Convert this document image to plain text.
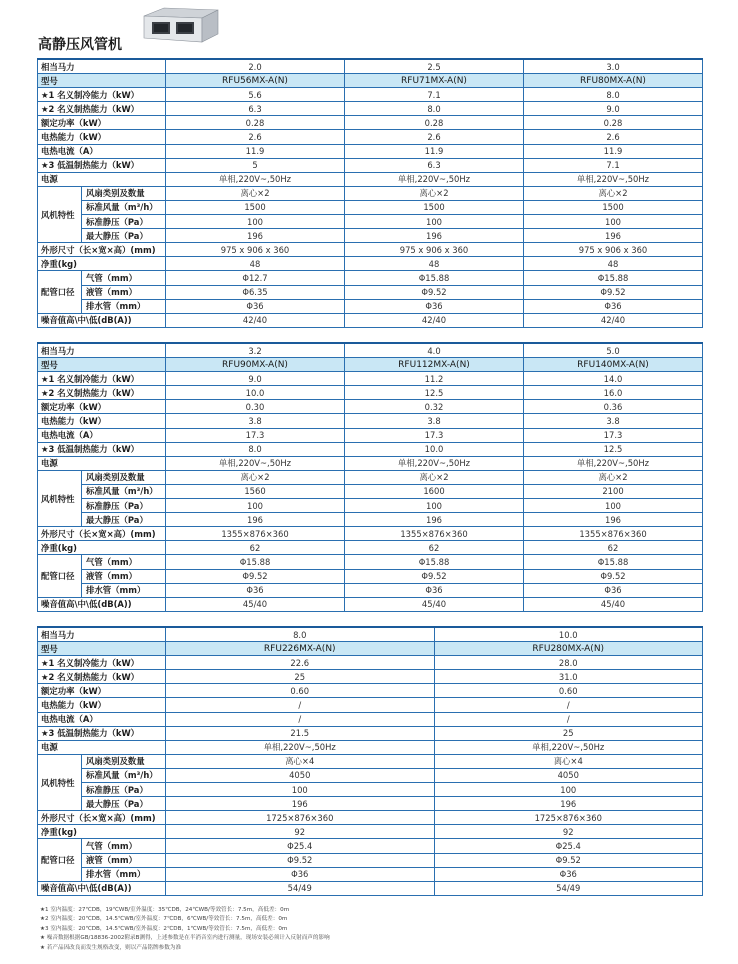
高静压风管机
相当马力		2.0	2.5	3.0
型号		RFU56MX-A(N)	RFU71MX-A(N)	RFU80MX-A(N)
★1 名义制冷能力（kW）		5.6	7.1	8.0
★2 名义制热能力（kW）		6.3	8.0	9.0
额定功率（kW）		0.28	0.28	0.28
电热能力（kW）		2.6	2.6	2.6
电热电流（A）		11.9	11.9	11.9
★3 低温制热能力（kW）		5	6.3	7.1
电源		单相,220V~,50Hz	单相,220V~,50Hz	单相,220V~,50Hz
风机特性	风扇类别及数量	离心×2	离心×2	离心×2
	标准风量（m³/h）	1500	1500	1500
	标准静压（Pa）	100	100	100
	最大静压（Pa）	196	196	196
外形尺寸（长×宽×高）(mm)		975 x 906 x 360	975 x 906 x 360	975 x 906 x 360
净重(kg)		48	48	48
配管口径	气管（mm）	Φ12.7	Φ15.88	Φ15.88
	液管（mm）	Φ6.35	Φ9.52	Φ9.52
	排水管（mm）	Φ36	Φ36	Φ36
噪音值高\中\低(dB(A))		42/40	42/40	42/40
相当马力		3.2	4.0	5.0
型号		RFU90MX-A(N)	RFU112MX-A(N)	RFU140MX-A(N)
★1 名义制冷能力（kW）		9.0	11.2	14.0
★2 名义制热能力（kW）		10.0	12.5	16.0
额定功率（kW）		0.30	0.32	0.36
电热能力（kW）		3.8	3.8	3.8
电热电流（A）		17.3	17.3	17.3
★3 低温制热能力（kW）		8.0	10.0	12.5
电源		单相,220V~,50Hz	单相,220V~,50Hz	单相,220V~,50Hz
风机特性	风扇类别及数量	离心×2	离心×2	离心×2
	标准风量（m³/h）	1560	1600	2100
	标准静压（Pa）	100	100	100
	最大静压（Pa）	196	196	196
外形尺寸（长×宽×高）(mm)		1355×876×360	1355×876×360	1355×876×360
净重(kg)		62	62	62
配管口径	气管（mm）	Φ15.88	Φ15.88	Φ15.88
	液管（mm）	Φ9.52	Φ9.52	Φ9.52
	排水管（mm）	Φ36	Φ36	Φ36
噪音值高\中\低(dB(A))		45/40	45/40	45/40
相当马力		8.0	10.0
型号		RFU226MX-A(N)	RFU280MX-A(N)
★1 名义制冷能力（kW）		22.6	28.0
★2 名义制热能力（kW）		25	31.0
额定功率（kW）		0.60	0.60
电热能力（kW）		/	/
电热电流（A）		/	/
★3 低温制热能力（kW）		21.5	25
电源		单相,220V~,50Hz	单相,220V~,50Hz
风机特性	风扇类别及数量	离心×4	离心×4
	标准风量（m³/h）	4050	4050
	标准静压（Pa）	100	100
	最大静压（Pa）	196	196
外形尺寸（长×宽×高）(mm)		1725×876×360	1725×876×360
净重(kg)		92	92
配管口径	气管（mm）	Φ25.4	Φ25.4
	液管（mm）	Φ9.52	Φ9.52
	排水管（mm）	Φ36	Φ36
噪音值高\中\低(dB(A))		54/49	54/49
★1 室内温度：27℃DB，19℃WB/室外温度：35℃DB，24℃WB/等效管长：7.5m，高低差：0m
★2 室内温度：20℃DB，14.5℃WB/室外温度：7℃DB，6℃WB/等效管长：7.5m，高低差：0m
★3 室内温度：20℃DB，14.5℃WB/室外温度：2℃DB，1℃WB/等效管长：7.5m，高低差：0m
★ 噪音数据根据GB/18836-2002附录B测得，上述参数是在半消音室内进行测量，现场安装必须计入反射而声的影响
★ 若产品因改良而发生规格改变，则以产品铭牌参数为准
